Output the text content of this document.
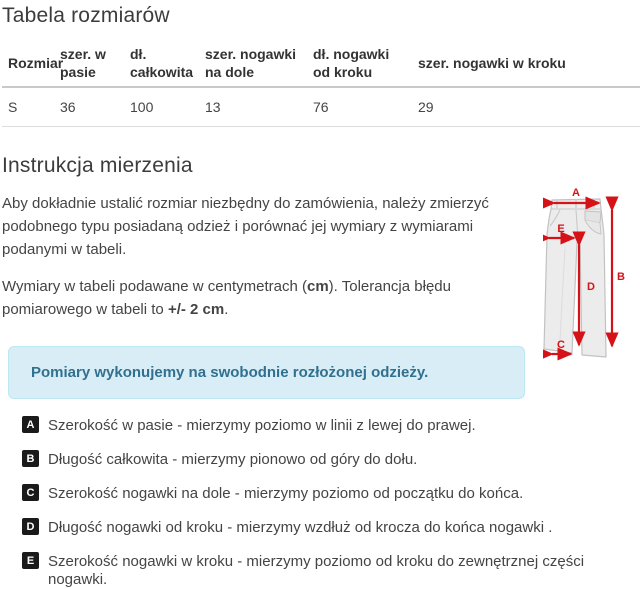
Tabela rozmiarów
Rozmiar	szer. w pasie	dł. całkowita	szer. nogawki na dole	dł. nogawki od kroku	szer. nogawki w kroku
S	36	100	13	76	29
Instrukcja mierzenia

Aby dokładnie ustalić rozmiar niezbędny do zamówienia, należy zmierzyć podobnego typu posiadaną odzież i porównać jej wymiary z wymiarami podanymi w tabeli.

Wymiary w tabeli podawane w centymetrach (cm). Tolerancja błędu pomiarowego w tabeli to +/- 2 cm.

Pomiary wykonujemy na swobodnie rozłożonej odzieży.
A Szerokość w pasie - mierzymy poziomo w linii z lewej do prawej.
B Długość całkowita - mierzymy pionowo od góry do dołu.
C Szerokość nogawki na dole - mierzymy poziomo od początku do końca.
D Długość nogawki od kroku - mierzymy wzdłuż od krocza do końca nogawki .
E Szerokość nogawki w kroku - mierzymy poziomo od kroku do zewnętrznej części nogawki.
A
B
C
D
E
